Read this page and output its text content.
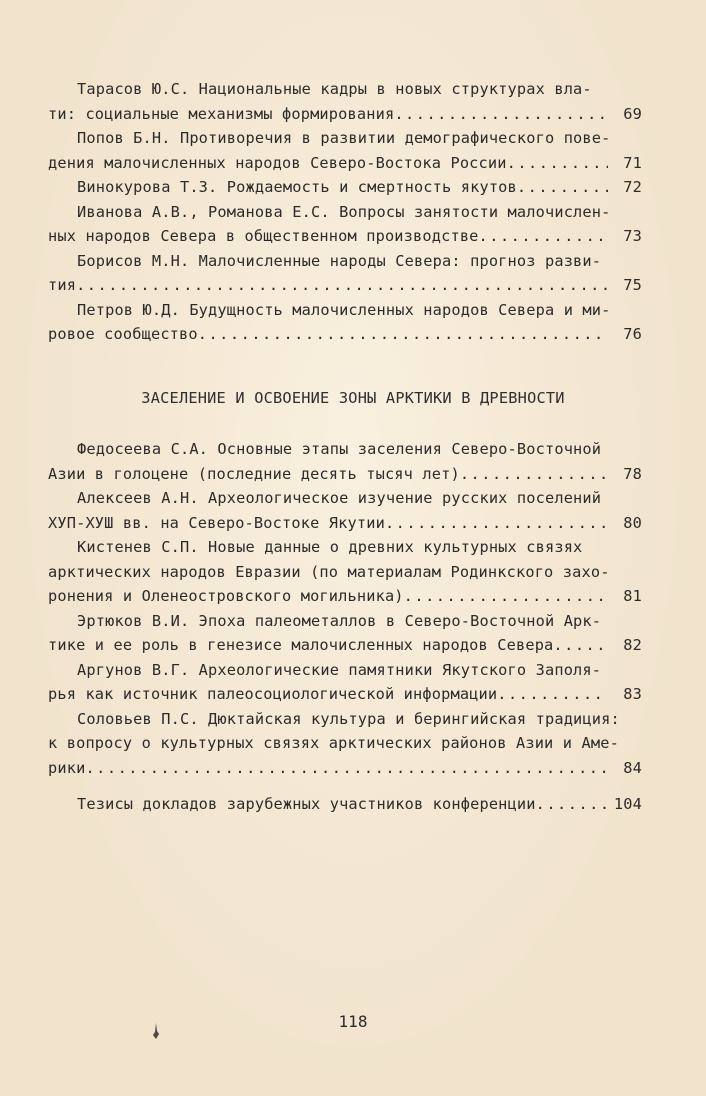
Тарасов Ю.С. Национальные кадры в новых структурах вла-
ти: социальные механизмы формирования .....	69
Попов Б.Н. Противоречия в развитии демографического пове-
дения малочисленных народов Северо-Востока России .....	71
Винокурова Т.З. Рождаемость и смертность якутов .....	72
Иванова А.В., Романова Е.С. Вопросы занятости малочислен-
ных народов Севера в общественном производстве .....	73
Борисов М.Н. Малочисленные народы Севера: прогноз разви-
тия .....	75
Петров Ю.Д. Будущность малочисленных народов Севера и ми-
ровое сообщество .....	76
ЗАСЕЛЕНИЕ И ОСВОЕНИЕ ЗОНЫ АРКТИКИ В ДРЕВНОСТИ
Федосеева С.А. Основные этапы заселения Северо-Восточной
Азии в голоцене (последние десять тысяч лет) .....	78
Алексеев А.Н. Археологическое изучение русских поселений
ХУП-ХУШ вв. на Северо-Востоке Якутии .....	80
Кистенев С.П. Новые данные о древних культурных связях
арктических народов Евразии (по материалам Родинкского захо-
ронения и Оленеостровского могильника) .....	81
Эртюков В.И. Эпоха палеометаллов в Северо-Восточной Арк-
тике и ее роль в генезисе малочисленных народов Севера .....	82
Аргунов В.Г. Археологические памятники Якутского Заполя-
рья как источник палеосоциологической информации .....	83
Соловьев П.С. Дюктайская культура и берингийская традиция:
к вопросу о культурных связях арктических районов Азии и Аме-
рики .....	84
Тезисы докладов зарубежных участников конференции .....	104
118
